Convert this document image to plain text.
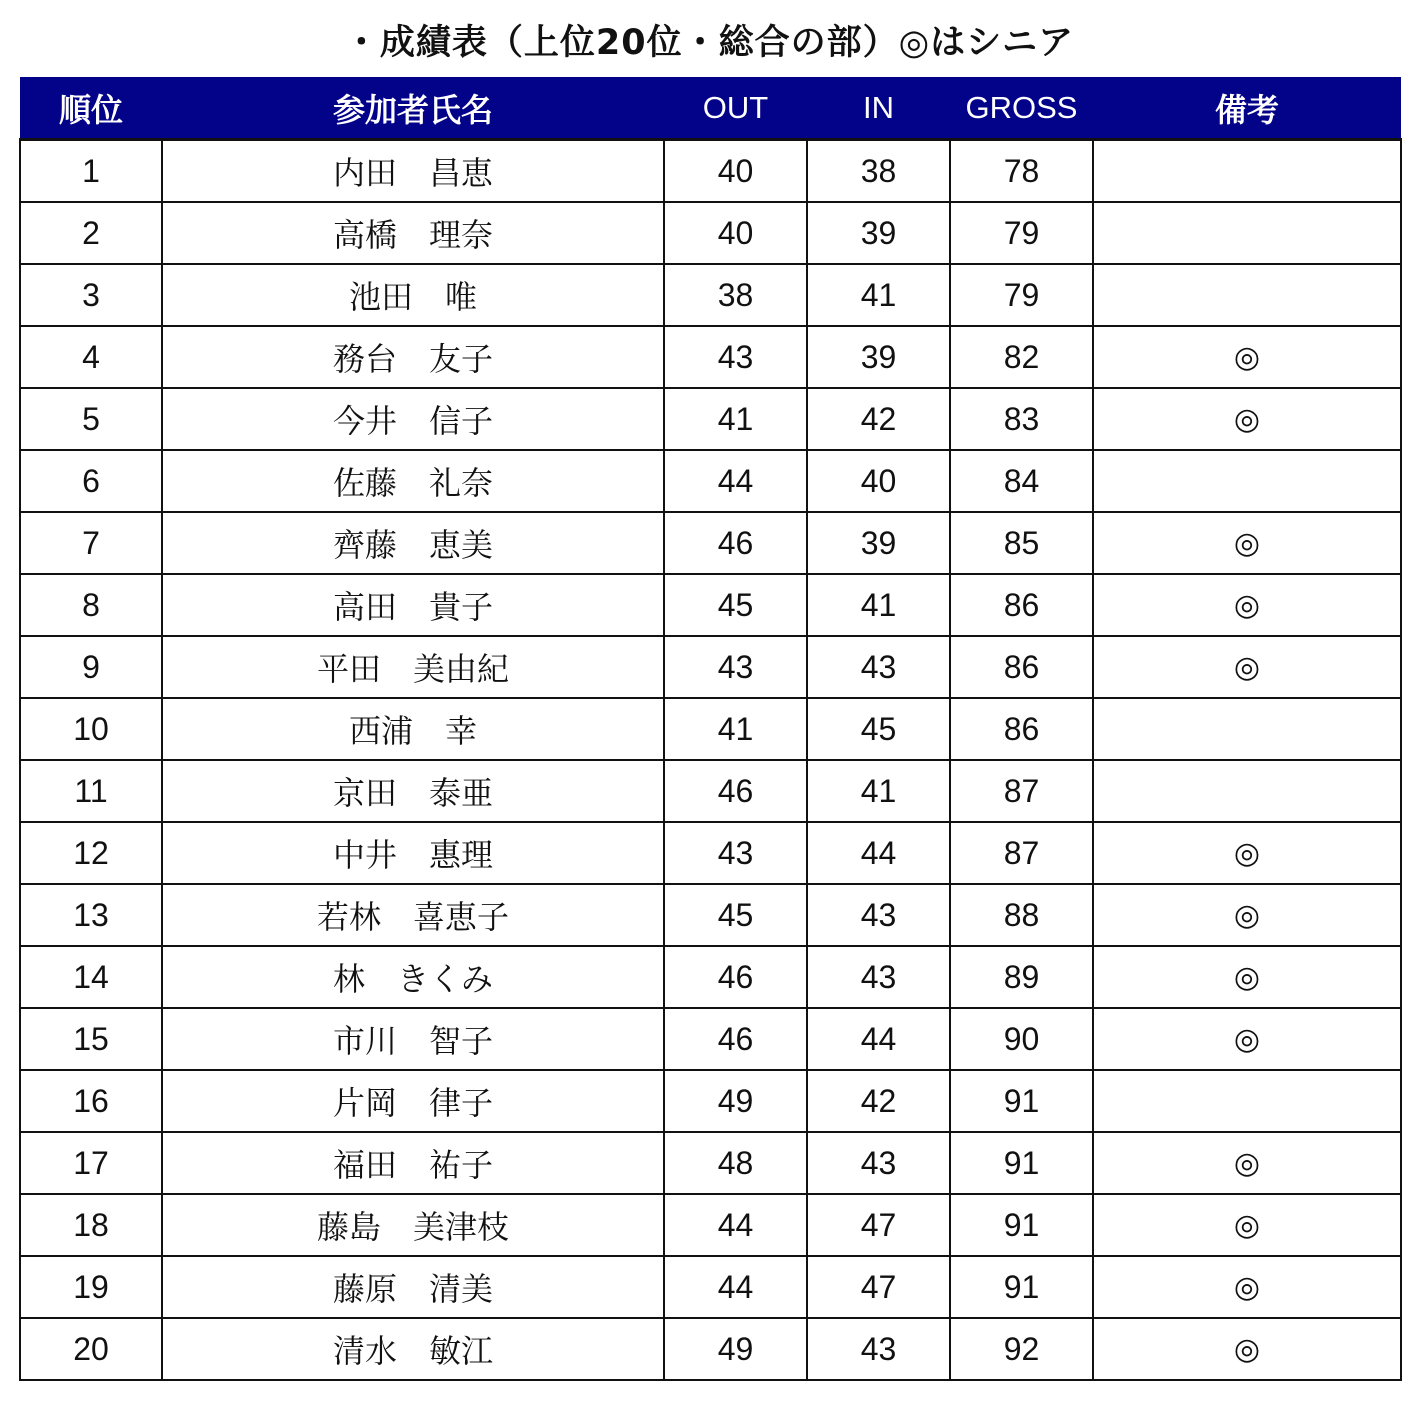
・成績表（上位20位・総合の部）◎はシニア
順位	参加者氏名	OUT	IN	GROSS	備考
1	内田　昌恵	40	38	78	
2	高橋　理奈	40	39	79	
3	池田　唯	38	41	79	
4	務台　友子	43	39	82	◎
5	今井　信子	41	42	83	◎
6	佐藤　礼奈	44	40	84	
7	齊藤　恵美	46	39	85	◎
8	高田　貴子	45	41	86	◎
9	平田　美由紀	43	43	86	◎
10	西浦　幸	41	45	86	
11	京田　泰亜	46	41	87	
12	中井　惠理	43	44	87	◎
13	若林　喜恵子	45	43	88	◎
14	林　きくみ	46	43	89	◎
15	市川　智子	46	44	90	◎
16	片岡　律子	49	42	91	
17	福田　祐子	48	43	91	◎
18	藤島　美津枝	44	47	91	◎
19	藤原　清美	44	47	91	◎
20	清水　敏江	49	43	92	◎
